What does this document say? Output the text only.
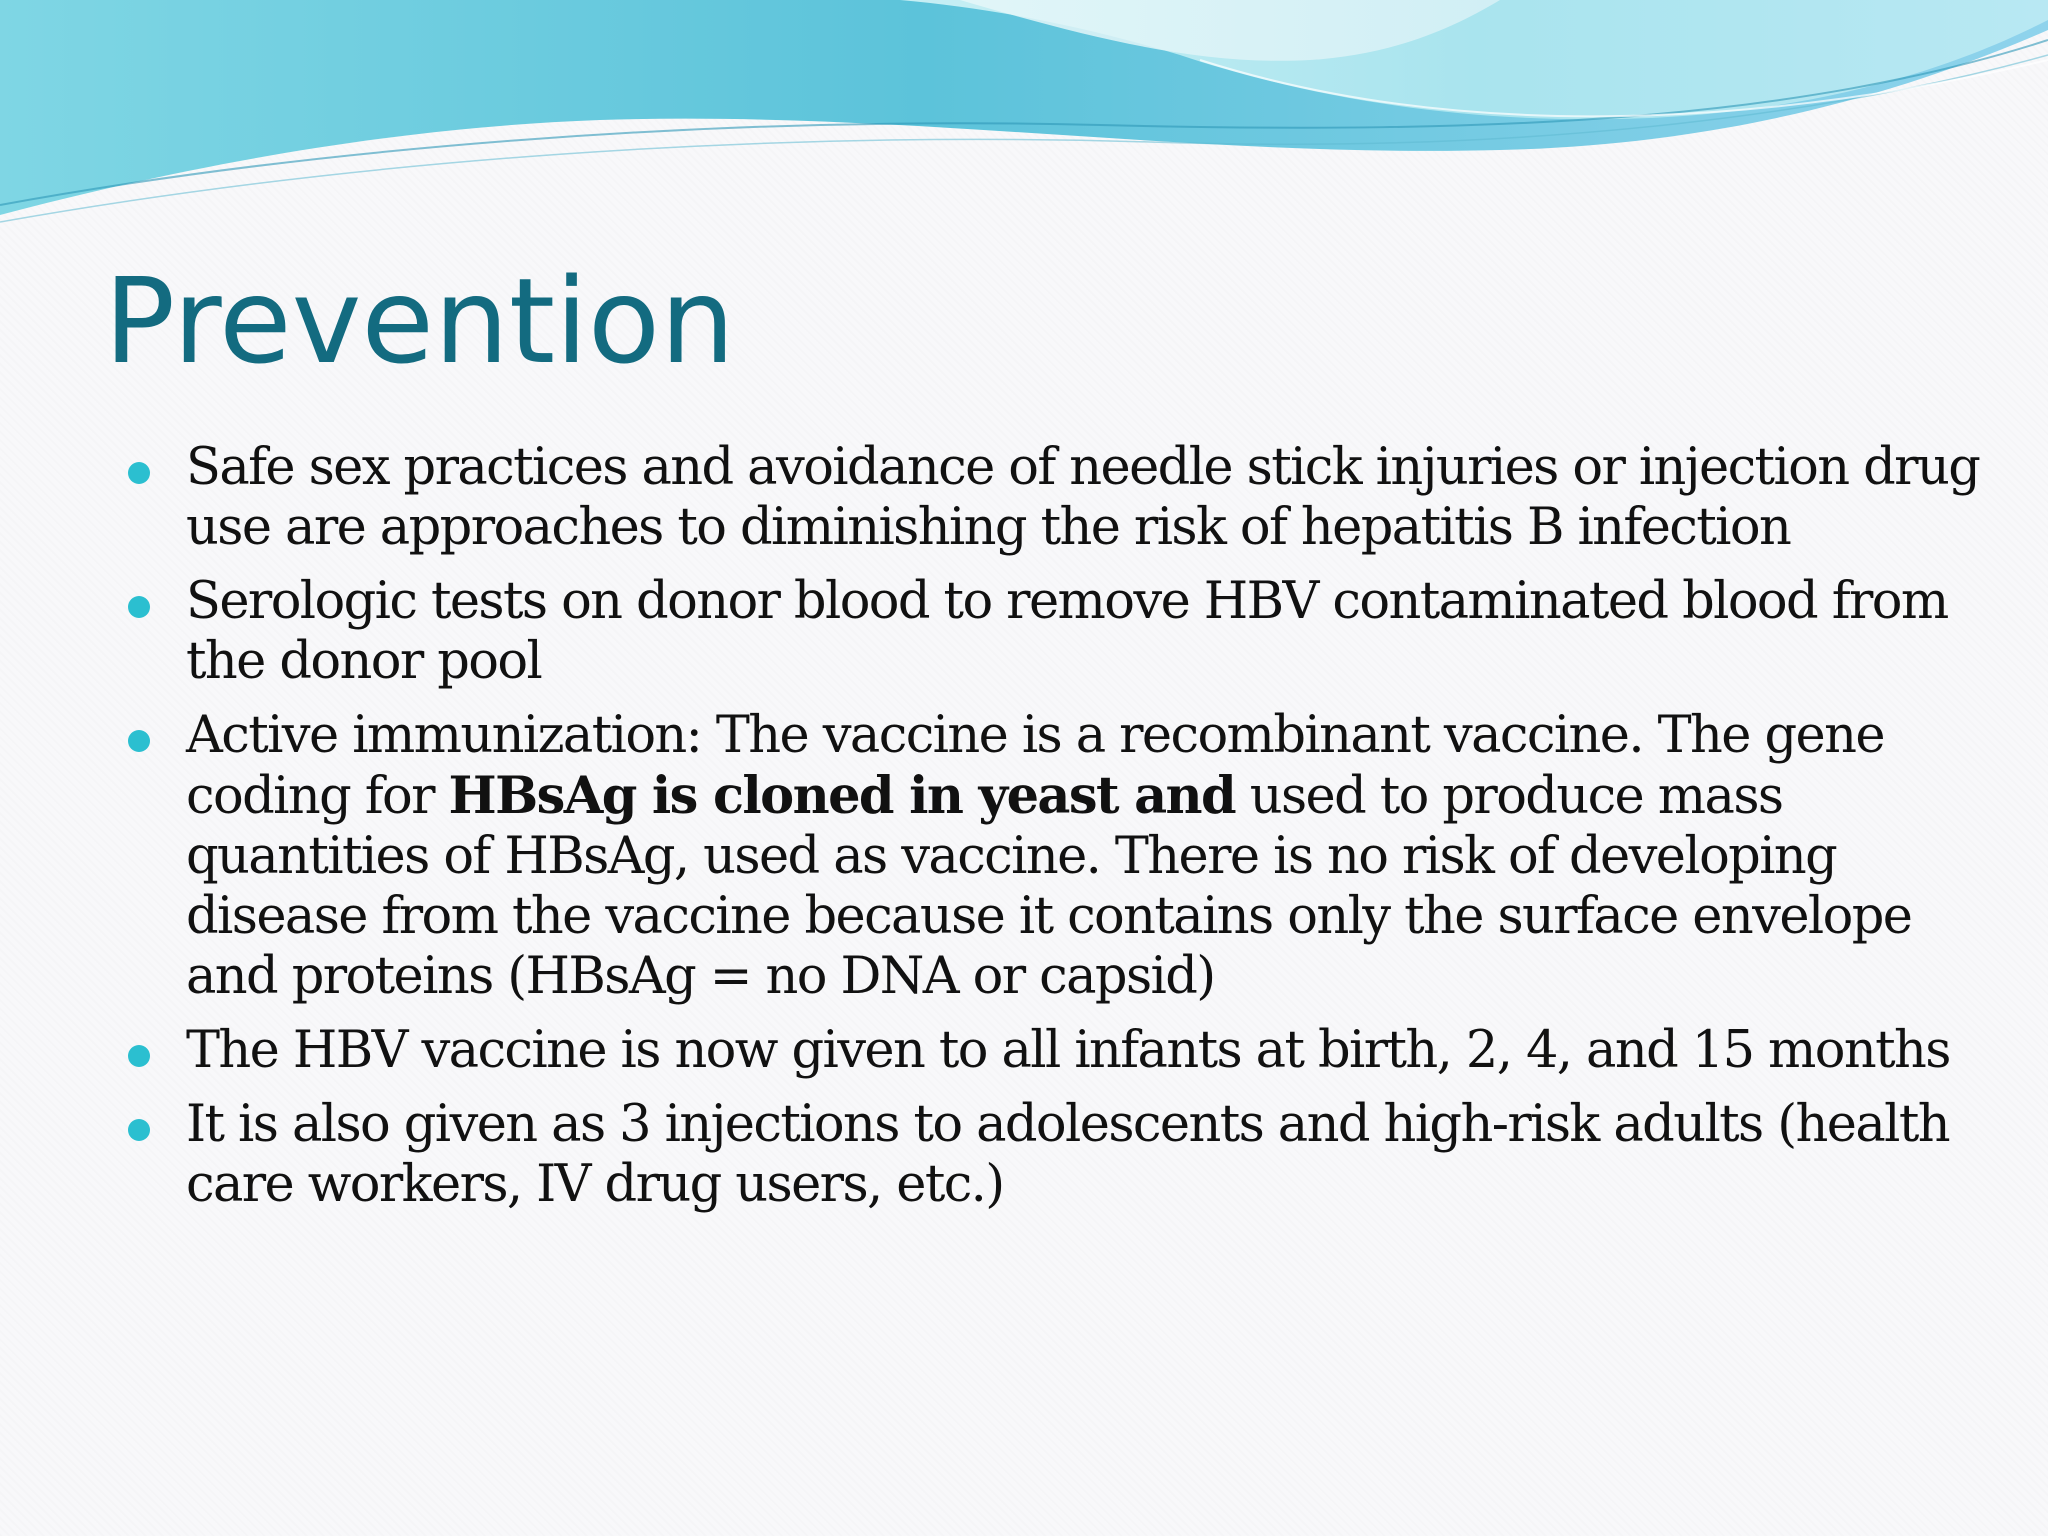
Prevention
Safe sex practices and avoidance of needle stick injuries or injection drug use are approaches to diminishing the risk of hepatitis B infection
Serologic tests on donor blood to remove HBV contaminated blood from the donor pool
Active immunization: The vaccine is a recombinant vaccine. The gene coding for HBsAg is cloned in yeast and used to produce mass quantities of HBsAg, used as vaccine. There is no risk of developing disease from the vaccine because it contains only the surface envelope and proteins (HBsAg = no DNA or capsid)
The HBV vaccine is now given to all infants at birth, 2, 4, and 15 months
It is also given as 3 injections to adolescents and high-risk adults (health care workers, IV drug users, etc.)
